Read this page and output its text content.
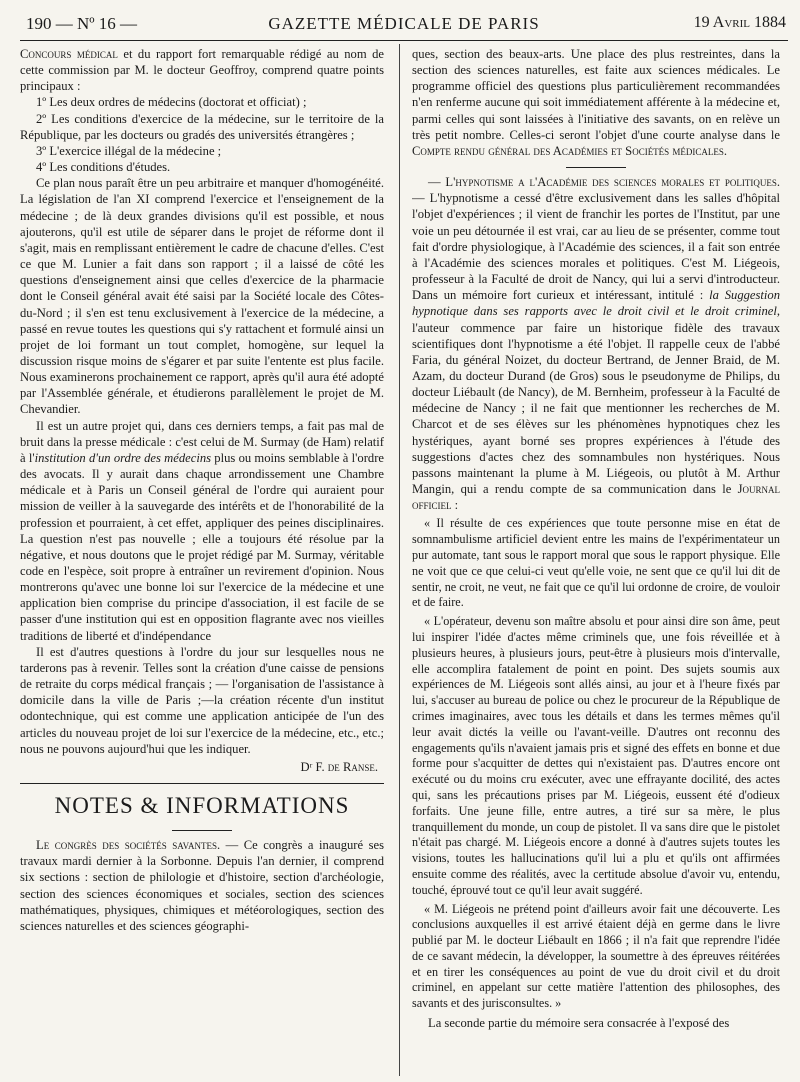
190 — Nº 16 —	GAZETTE MÉDICALE DE PARIS	19 Avril 1884

Concours médical et du rapport fort remarquable rédigé au nom de cette commission par M. le docteur Geoffroy, comprend quatre points principaux :

1º Les deux ordres de médecins (doctorat et officiat) ;

2º Les conditions d'exercice de la médecine, sur le territoire de la République, par les docteurs ou gradés des universités étrangères ;

3º L'exercice illégal de la médecine ;

4º Les conditions d'études.

Ce plan nous paraît être un peu arbitraire et manquer d'homogénéité. La législation de l'an XI comprend l'exercice et l'enseignement de la médecine ; de là deux grandes divisions qu'il est possible, et nous ajouterons, qu'il est utile de séparer dans le projet de réforme dont il s'agit, mais en remplissant entièrement le cadre de chacune d'elles. C'est ce que M. Lunier a fait dans son rapport ; il a laissé de côté les questions d'enseignement ainsi que celles d'exercice de la pharmacie dont le Conseil général avait été saisi par la Société locale des Côtes-du-Nord ; il s'en est tenu exclusivement à l'exercice de la médecine, a passé en revue toutes les questions qui s'y rattachent et formulé ainsi un projet de loi formant un tout complet, homogène, sur lequel la discussion risque moins de s'égarer et par suite l'entente est plus facile. Nous examinerons prochainement ce rapport, après qu'il aura été adopté par l'Assemblée générale, et étudierons parallèlement le projet de M. Chevandier.

Il est un autre projet qui, dans ces derniers temps, a fait pas mal de bruit dans la presse médicale : c'est celui de M. Surmay (de Ham) relatif à l'institution d'un ordre des médecins plus ou moins semblable à l'ordre des avocats. Il y aurait dans chaque arrondissement une Chambre médicale et à Paris un Conseil général de l'ordre qui auraient pour mission de veiller à la sauvegarde des intérêts et de l'honorabilité de la profession et pourraient, à cet effet, appliquer des peines disciplinaires. La question n'est pas nouvelle ; elle a toujours été résolue par la négative, et nous doutons que le projet rédigé par M. Surmay, véritable code en l'espèce, soit propre à entraîner un revirement d'opinion. Nous montrerons qu'avec une bonne loi sur l'exercice de la médecine et une application bien comprise du principe d'association, il est facile de se passer d'une institution qui est en opposition flagrante avec nos vieilles traditions de liberté et d'indépendance

Il est d'autres questions à l'ordre du jour sur lesquelles nous ne tarderons pas à revenir. Telles sont la création d'une caisse de pensions de retraite du corps médical français ; — l'organisation de l'assistance à domicile dans la ville de Paris ;—la création récente d'un institut odontechnique, qui est comme une application anticipée de l'un des articles du nouveau projet de loi sur l'exercice de la médecine, etc., etc.; nous ne pouvons aujourd'hui que les indiquer.

Dʳ F. de Ranse.
NOTES & INFORMATIONS

Le congrès des sociétés savantes. — Ce congrès a inauguré ses travaux mardi dernier à la Sorbonne. Depuis l'an dernier, il comprend six sections : section de philologie et d'histoire, section d'archéologie, section des sciences économiques et sociales, section des sciences mathématiques, physiques, chimiques et météorologiques, section des sciences naturelles et des sciences géographi-

ques, section des beaux-arts. Une place des plus restreintes, dans la section des sciences naturelles, est faite aux sciences médicales. Le programme officiel des questions plus particulièrement recommandées n'en renferme aucune qui soit immédiatement afférente à la médecine et, parmi celles qui sont laissées à l'initiative des savants, on en relève un très petit nombre. Celles-ci seront l'objet d'une courte analyse dans le Compte rendu général des Académies et Sociétés médicales.

— L'hypnotisme a l'Académie des sciences morales et politiques. — L'hypnotisme a cessé d'être exclusivement dans les salles d'hôpital l'objet d'expériences ; il vient de franchir les portes de l'Institut, par une voie un peu détournée il est vrai, car au lieu de se présenter, comme tout fait d'ordre physiologique, à l'Académie des sciences, il a fait son entrée à l'Académie des sciences morales et politiques. C'est M. Liégeois, professeur à la Faculté de droit de Nancy, qui lui a servi d'introducteur. Dans un mémoire fort curieux et intéressant, intitulé : la Suggestion hypnotique dans ses rapports avec le droit civil et le droit criminel, l'auteur commence par faire un historique fidèle des travaux scientifiques dont l'hypnotisme a été l'objet. Il rappelle ceux de l'abbé Faria, du général Noizet, du docteur Bertrand, de Jenner Braid, de M. Azam, du docteur Durand (de Gros) sous le pseudonyme de Philips, du docteur Liébault (de Nancy), de M. Bernheim, professeur à la Faculté de médecine de Nancy ; il ne fait que mentionner les recherches de M. Charcot et de ses élèves sur les phénomènes hypnotiques chez les hystériques, ayant borné ses propres expériences à l'étude des suggestions d'actes chez des somnambules non hystériques. Nous passons maintenant la plume à M. Liégeois, ou plutôt à M. Arthur Mangin, qui a rendu compte de sa communication dans le Journal officiel :

« Il résulte de ces expériences que toute personne mise en état de somnambulisme artificiel devient entre les mains de l'expérimentateur un pur automate, tant sous le rapport moral que sous le rapport physique. Elle ne voit que ce que celui-ci veut qu'elle voie, ne sent que ce qu'il lui dit de sentir, ne croit, ne veut, ne fait que ce qu'il lui ordonne de croire, de vouloir et de faire.

« L'opérateur, devenu son maître absolu et pour ainsi dire son âme, peut lui inspirer l'idée d'actes même criminels que, une fois réveillée et à plusieurs heures, à plusieurs jours, peut-être à plusieurs mois d'intervalle, elle accomplira fatalement de point en point. Des sujets soumis aux expériences de M. Liégeois sont allés ainsi, au jour et à l'heure fixés par lui, s'accuser au bureau de police ou chez le procureur de la République de crimes imaginaires, avec tous les détails et dans les termes mêmes qu'il leur avait dictés la veille ou l'avant-veille. D'autres ont reconnu des engagements qu'ils n'avaient jamais pris et signé des effets en bonne et due forme pour s'acquitter de dettes qui n'existaient pas. D'autres encore ont exécuté ou du moins cru exécuter, avec une effrayante docilité, des actes qui, sans les précautions prises par M. Liégeois, eussent été d'odieux forfaits. Une jeune fille, entre autres, a tiré sur sa mère, le plus tranquillement du monde, un coup de pistolet. Il va sans dire que le pistolet n'était pas chargé. M. Liégeois encore a donné à d'autres sujets toutes les visions, toutes les hallucinations qu'il lui a plu et qu'ils ont affirmées ensuite comme des réalités, avec la certitude absolue d'avoir vu, entendu, touché, éprouvé tout ce qu'il leur avait suggéré.

« M. Liégeois ne prétend point d'ailleurs avoir fait une découverte. Les conclusions auxquelles il est arrivé étaient déjà en germe dans le livre publié par M. le docteur Liébault en 1866 ; il n'a fait que reprendre l'idée de ce savant médecin, la développer, la soumettre à des épreuves réitérées et en tirer les conséquences au point de vue du droit civil et du droit criminel, en appelant sur cette matière l'attention des philosophes, des savants et des jurisconsultes. »

La seconde partie du mémoire sera consacrée à l'exposé des
